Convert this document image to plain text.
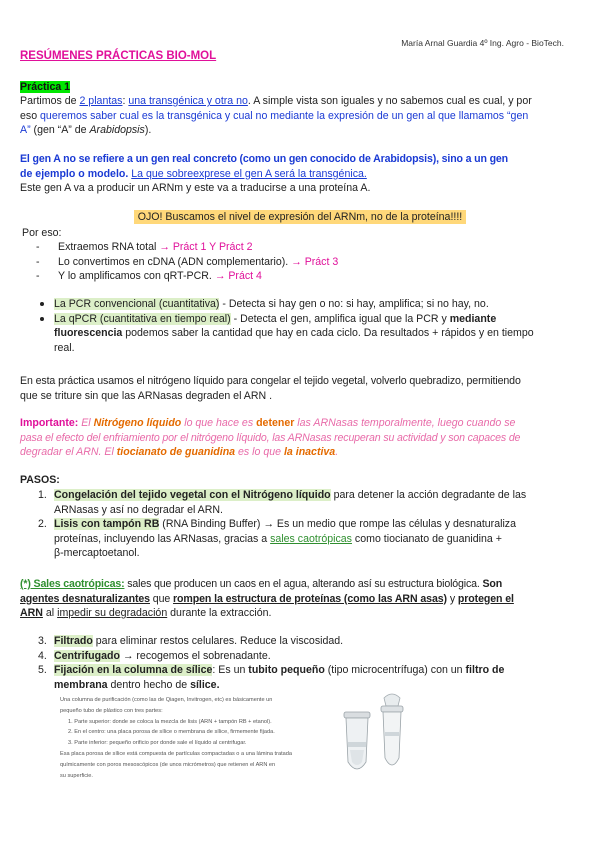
María Arnal Guardia 4º Ing. Agro - BioTech.
RESÚMENES PRÁCTICAS BIO-MOL
Práctica 1
Partimos de 2 plantas: una transgénica y otra no. A simple vista son iguales y no sabemos cual es cual, y por
eso queremos saber cual es la transgénica y cual no mediante la expresión de un gen al que llamamos “gen
A” (gen “A” de Arabidopsis).
El gen A no se refiere a un gen real concreto (como un gen conocido de Arabidopsis), sino a un gen
de ejemplo o modelo. La que sobreexprese el gen A será la transgénica.
Este gen A va a producir un ARNm y este va a traducirse a una proteína A.
OJO! Buscamos el nivel de expresión del ARNm, no de la proteína!!!!
Por eso:
- Extraemos RNA total → Práct 1 Y Práct 2
- Lo convertimos en cDNA (ADN complementario). → Práct 3
- Y lo amplificamos con qRT-PCR. → Práct 4
La PCR convencional (cuantitativa) - Detecta si hay gen o no: si hay, amplifica; si no hay, no.
La qPCR (cuantitativa en tiempo real) - Detecta el gen, amplifica igual que la PCR y mediante
fluorescencia podemos saber la cantidad que hay en cada ciclo. Da resultados + rápidos y en tiempo
real.
En esta práctica usamos el nitrógeno líquido para congelar el tejido vegetal, volverlo quebradizo, permitiendo
que se triture sin que las ARNasas degraden el ARN .
Importante: El Nitrógeno líquido lo que hace es detener las ARNasas temporalmente, luego cuando se
pasa el efecto del enfriamiento por el nitrógeno líquido, las ARNasas recuperan su actividad y son capaces de
degradar el ARN. El tiocianato de guanidina es lo que la inactiva.
PASOS:
1. Congelación del tejido vegetal con el Nitrógeno líquido para detener la acción degradante de las
ARNasas y así no degradar el ARN.
2. Lisis con tampón RB (RNA Binding Buffer) → Es un medio que rompe las células y desnaturaliza
proteínas, incluyendo las ARNasas, gracias a sales caotrópicas como tiocianato de guanidina +
β-mercaptoetanol.
(*) Sales caotrópicas: sales que producen un caos en el agua, alterando así su estructura biológica. Son
agentes desnaturalizantes que rompen la estructura de proteínas (como las ARN asas) y protegen el
ARN al impedir su degradación durante la extracción.
3. Filtrado para eliminar restos celulares. Reduce la viscosidad.
4. Centrifugado → recogemos el sobrenadante.
5. Fijación en la columna de sílice: Es un tubito pequeño (tipo microcentrífuga) con un filtro de
membrana dentro hecho de sílice.
Una columna de purificación (como las de Qiagen, Invitrogen, etc) es básicamente un
pequeño tubo de plástico con tres partes:
1. Parte superior: donde se coloca la mezcla de lisis (ARN + tampón RB + etanol).
2. En el centro: una placa porosa de sílice o membrana de sílice, firmemente fijada.
3. Parte inferior: pequeño orificio por donde sale el líquido al centrifugar.
Esa placa porosa de sílice está compuesta de partículas compactadas o a una lámina tratada
químicamente con poros mesoscópicos (de unos micrómetros) que retienen el ARN en
su superficie.
